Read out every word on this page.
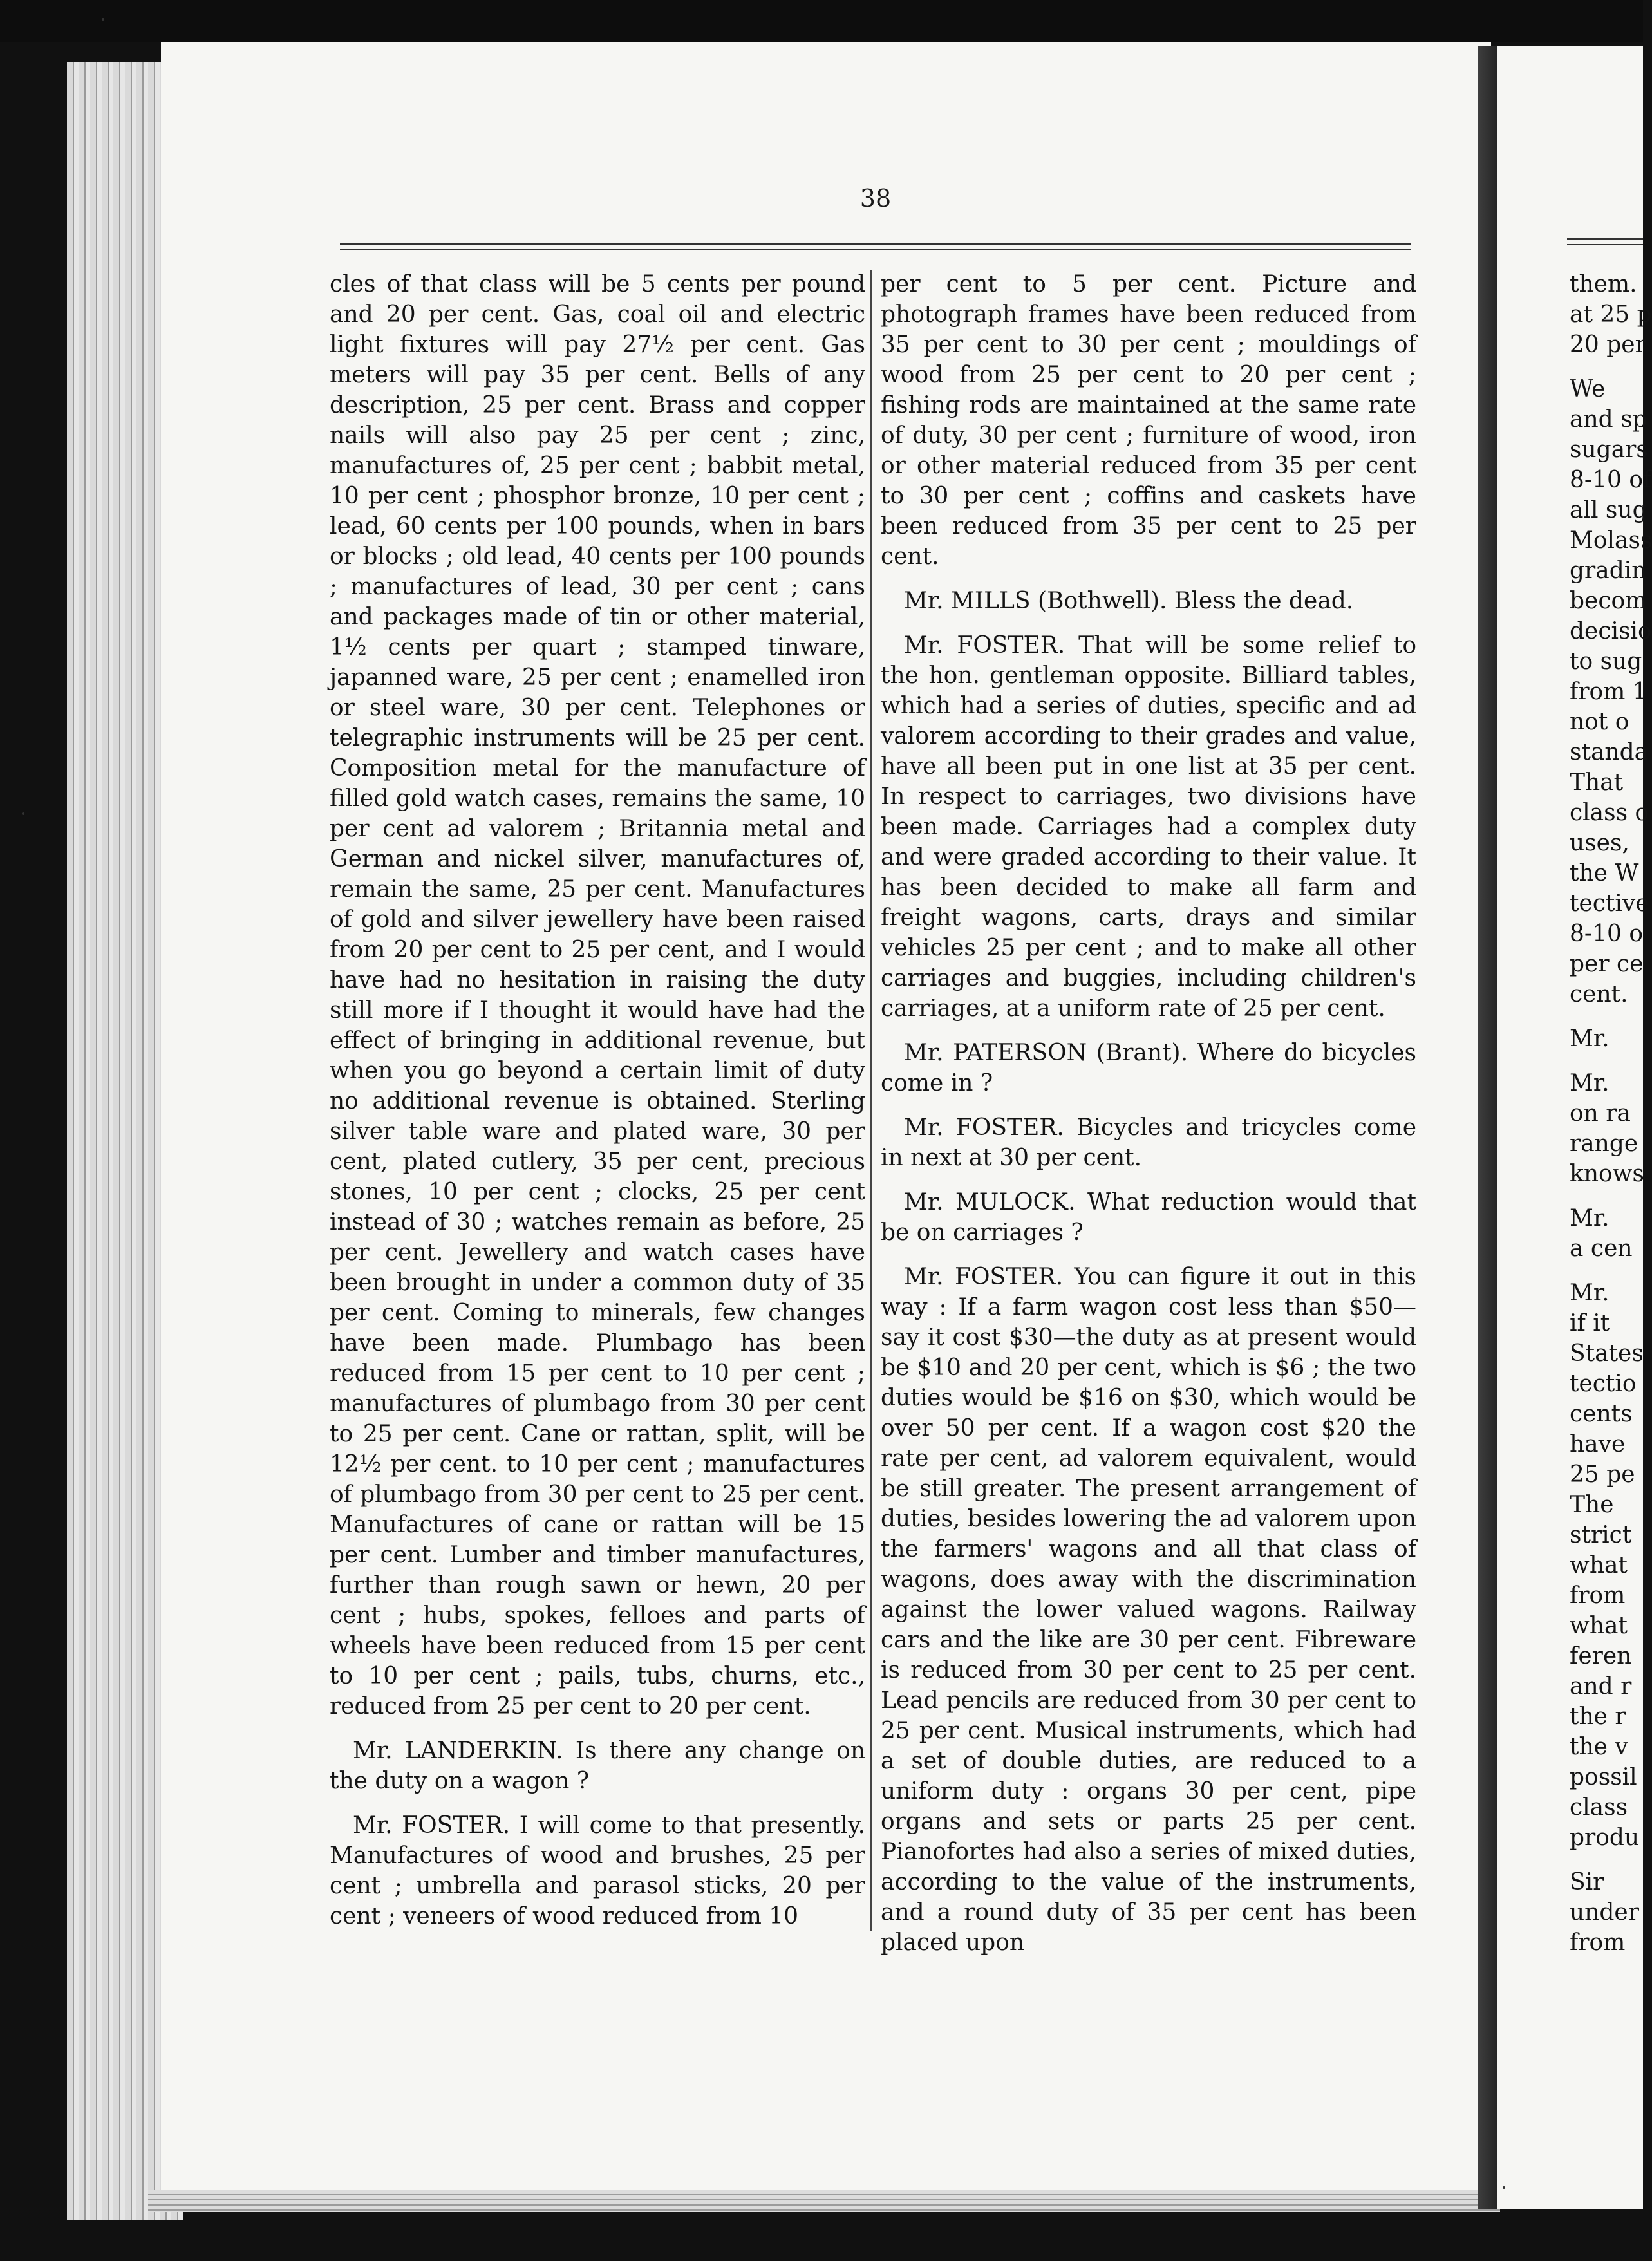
38

cles of that class will be 5 cents per pound and 20 per cent. Gas, coal oil and electric light fixtures will pay 27½ per cent. Gas meters will pay 35 per cent. Bells of any description, 25 per cent. Brass and copper nails will also pay 25 per cent ; zinc, manufactures of, 25 per cent ; babbit metal, 10 per cent ; phosphor bronze, 10 per cent ; lead, 60 cents per 100 pounds, when in bars or blocks ; old lead, 40 cents per 100 pounds ; manufactures of lead, 30 per cent ; cans and packages made of tin or other material, 1½ cents per quart ; stamped tinware, japanned ware, 25 per cent ; enamelled iron or steel ware, 30 per cent. Telephones or telegraphic instruments will be 25 per cent. Composition metal for the manufacture of filled gold watch cases, remains the same, 10 per cent ad valorem ; Britannia metal and German and nickel silver, manufactures of, remain the same, 25 per cent. Manufactures of gold and silver jewellery have been raised from 20 per cent to 25 per cent, and I would have had no hesitation in raising the duty still more if I thought it would have had the effect of bringing in additional revenue, but when you go beyond a certain limit of duty no additional revenue is obtained. Sterling silver table ware and plated ware, 30 per cent, plated cutlery, 35 per cent, precious stones, 10 per cent ; clocks, 25 per cent instead of 30 ; watches remain as before, 25 per cent. Jewellery and watch cases have been brought in under a common duty of 35 per cent. Coming to minerals, few changes have been made. Plumbago has been reduced from 15 per cent to 10 per cent ; manufactures of plumbago from 30 per cent to 25 per cent. Cane or rattan, split, will be 12½ per cent. to 10 per cent ; manufactures of plumbago from 30 per cent to 25 per cent. Manufactures of cane or rattan will be 15 per cent. Lumber and timber manufactures, further than rough sawn or hewn, 20 per cent ; hubs, spokes, felloes and parts of wheels have been reduced from 15 per cent to 10 per cent ; pails, tubs, churns, etc., reduced from 25 per cent to 20 per cent.

Mr. LANDERKIN. Is there any change on the duty on a wagon ?

Mr. FOSTER. I will come to that presently. Manufactures of wood and brushes, 25 per cent ; umbrella and parasol sticks, 20 per cent ; veneers of wood reduced from 10

per cent to 5 per cent. Picture and photograph frames have been reduced from 35 per cent to 30 per cent ; mouldings of wood from 25 per cent to 20 per cent ; fishing rods are maintained at the same rate of duty, 30 per cent ; furniture of wood, iron or other material reduced from 35 per cent to 30 per cent ; coffins and caskets have been reduced from 35 per cent to 25 per cent.

Mr. MILLS (Bothwell). Bless the dead.

Mr. FOSTER. That will be some relief to the hon. gentleman opposite. Billiard tables, which had a series of duties, specific and ad valorem according to their grades and value, have all been put in one list at 35 per cent. In respect to carriages, two divisions have been made. Carriages had a complex duty and were graded according to their value. It has been decided to make all farm and freight wagons, carts, drays and similar vehicles 25 per cent ; and to make all other carriages and buggies, including children's carriages, at a uniform rate of 25 per cent.

Mr. PATERSON (Brant). Where do bicycles come in ?

Mr. FOSTER. Bicycles and tricycles come in next at 30 per cent.

Mr. MULOCK. What reduction would that be on carriages ?

Mr. FOSTER. You can figure it out in this way : If a farm wagon cost less than $50—say it cost $30—the duty as at present would be $10 and 20 per cent, which is $6 ; the two duties would be $16 on $30, which would be over 50 per cent. If a wagon cost $20 the rate per cent, ad valorem equivalent, would be still greater. The present arrangement of duties, besides lowering the ad valorem upon the farmers' wagons and all that class of wagons, does away with the discrimination against the lower valued wagons. Railway cars and the like are 30 per cent. Fibreware is reduced from 30 per cent to 25 per cent. Lead pencils are reduced from 30 per cent to 25 per cent. Musical instruments, which had a set of double duties, are reduced to a uniform duty : organs 30 per cent, pipe organs and sets or parts 25 per cent. Pianofortes had also a series of mixed duties, according to the value of the instruments, and a round duty of 35 per cent has been placed upon

them.
at 25 p
20 per
We
and sp
sugars
8-10 of
all sug
Molass
gradin
becom
decisio
to sug
from 1
not o
standa
That
class o
uses,
the W
tective
8-10 o
per ce
cent.
Mr.
Mr.
on ra
range
knows
Mr.
a cen
Mr.
if it
States
tectio
cents
have
25 pe
The
strict
what
from
what
feren
and r
the r
the v
possil
class
produ
Sir
under
from
